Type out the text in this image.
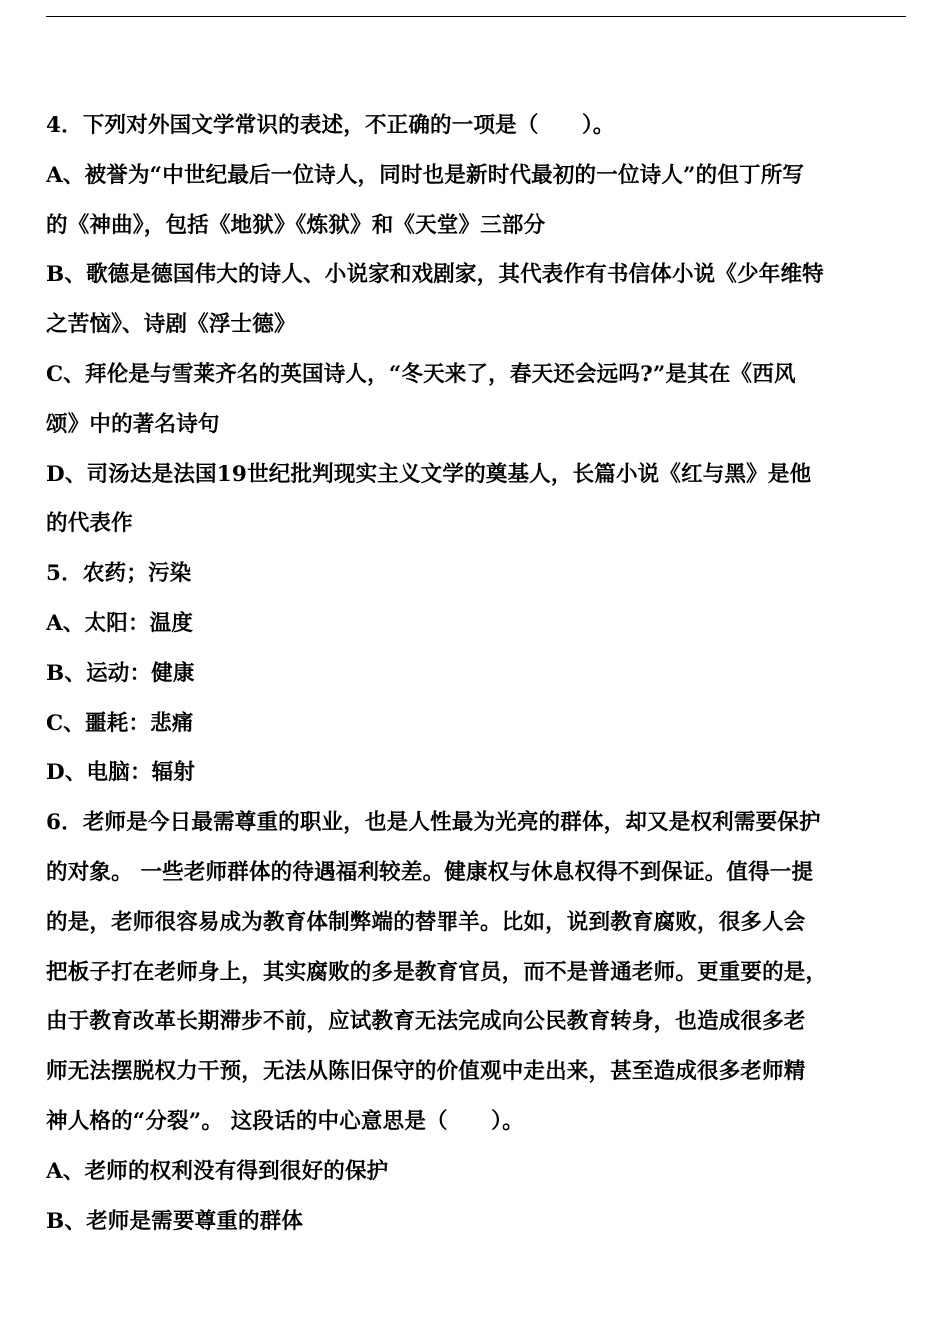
4．下列对外国文学常识的表述，不正确的一项是（　　）。
A、被誉为“中世纪最后一位诗人，同时也是新时代最初的一位诗人”的但丁所写
的《神曲》，包括《地狱》《炼狱》和《天堂》三部分
B、歌德是德国伟大的诗人、小说家和戏剧家，其代表作有书信体小说《少年维特
之苦恼》、诗剧《浮士德》
C、拜伦是与雪莱齐名的英国诗人，“冬天来了，春天还会远吗?”是其在《西风
颂》中的著名诗句
D、司汤达是法国19世纪批判现实主义文学的奠基人，长篇小说《红与黑》是他
的代表作
5．农药；污染
A、太阳：温度
B、运动：健康
C、噩耗：悲痛
D、电脑：辐射
6．老师是今日最需尊重的职业，也是人性最为光亮的群体，却又是权利需要保护
的对象。 一些老师群体的待遇福利较差。健康权与休息权得不到保证。值得一提
的是，老师很容易成为教育体制弊端的替罪羊。比如，说到教育腐败，很多人会
把板子打在老师身上，其实腐败的多是教育官员，而不是普通老师。更重要的是，
由于教育改革长期滞步不前，应试教育无法完成向公民教育转身，也造成很多老
师无法摆脱权力干预，无法从陈旧保守的价值观中走出来，甚至造成很多老师精
神人格的“分裂”。 这段话的中心意思是（　　）。
A、老师的权利没有得到很好的保护
B、老师是需要尊重的群体
